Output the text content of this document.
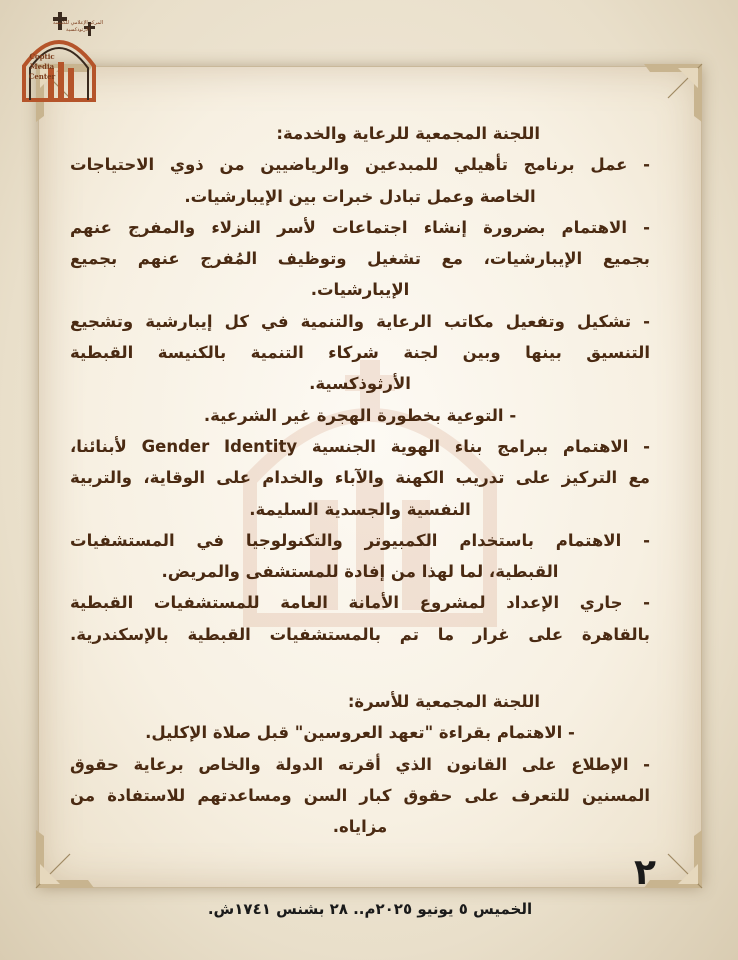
المركز الإعلامي للكنيسة الأرثوذكسية
Coptic
Media
Center
اللجنة المجمعية للرعاية والخدمة:
- عمل برنامج تأهيلي للمبدعين والرياضيين من ذوي الاحتياجات
الخاصة وعمل تبادل خبرات بين الإيبارشيات.
- الاهتمام بضرورة إنشاء اجتماعات لأسر النزلاء والمفرج عنهم
بجميع الإيبارشيات، مع تشغيل وتوظيف المُفرج عنهم بجميع
الإيبارشيات.
- تشكيل وتفعيل مكاتب الرعاية والتنمية في كل إيبارشية وتشجيع
التنسيق بينها وبين لجنة شركاء التنمية بالكنيسة القبطية
الأرثوذكسية.
- التوعية بخطورة الهجرة غير الشرعية.
- الاهتمام ببرامج بناء الهوية الجنسية Gender Identity لأبنائنا،
مع التركيز على تدريب الكهنة والآباء والخدام على الوقاية، والتربية
النفسية والجسدية السليمة.
- الاهتمام باستخدام الكمبيوتر والتكنولوجيا في المستشفيات
القبطية، لما لهذا من إفادة للمستشفى والمريض.
- جاري الإعداد لمشروع الأمانة العامة للمستشفيات القبطية
بالقاهرة على غرار ما تم بالمستشفيات القبطية بالإسكندرية.
اللجنة المجمعية للأسرة:
- الاهتمام بقراءة "تعهد العروسين" قبل صلاة الإكليل.
- الإطلاع على القانون الذي أقرته الدولة والخاص برعاية حقوق
المسنين للتعرف على حقوق كبار السن ومساعدتهم للاستفادة من
مزاياه.
٢
الخميس ٥ يونيو ٢٠٢٥م.. ٢٨ بشنس ١٧٤١ش.
